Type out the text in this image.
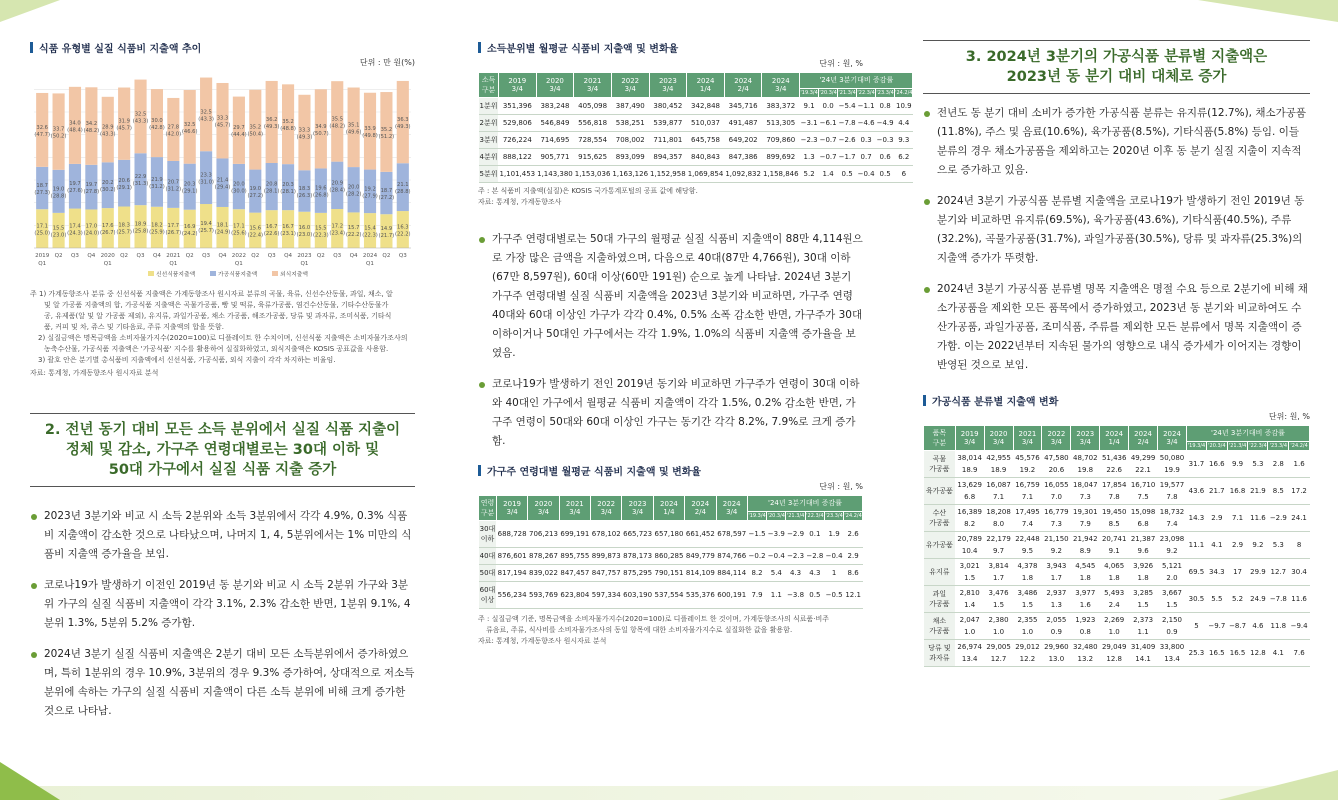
식품 유형별 실질 식품비 지출액 추이
단위 : 만 원(%)
17.1
(25.0)
18.7
(27.3)
32.6
(47.7)
2019
Q1
15.5
(23.0)
19.0
(28.8)
33.7
(50.2)
Q2
17.4
(24.3)
19.7
(27.6)
34.0
(48.4)
Q3
17.0
(24.0)
19.7
(27.8)
34.2
(48.2)
Q4
17.6
(26.7)
20.2
(30.2)
28.9
(43.3)
2020
Q1
18.3
(25.7)
20.6
(29.1)
31.9
(45.7)
Q2
18.9
(25.8)
22.9
(31.3)
32.5
(43.3)
Q3
18.2
(25.9)
21.9
(31.2)
30.0
(42.8)
Q4
17.7
(26.7)
20.7
(31.2)
27.8
(42.0)
2021
Q1
16.9
(24.2)
20.3
(29.1)
32.5
(46.6)
Q2
19.4
(25.7)
23.3
(31.0)
32.5
(43.3)
Q3
18.1
(24.9)
21.4
(29.4)
33.3
(45.7)
Q4
17.1
(25.6)
20.0
(30.0)
29.7
(44.4)
2022
Q1
15.6
(22.4)
19.0
(27.2)
35.2
(50.4)
Q2
16.7
(22.6)
20.8
(28.1)
36.2
(49.3)
Q3
16.7
(23.1)
20.3
(28.1)
35.2
(48.8)
Q4
16.0
(23.0)
18.3
(26.3)
33.3
(49.3)
2023
Q1
15.5
(22.3)
19.6
(26.8)
34.9
(50.7)
Q2
17.2
(23.4)
20.9
(28.4)
35.5
(48.2)
Q3
15.7
(22.2)
20.0
(28.2)
35.1
(49.6)
Q4
15.4
(22.3)
19.2
(27.9)
33.9
(49.8)
2024
Q1
14.9
(21.7)
18.7
(27.2)
35.2
(51.2)
Q2
16.3
(22.2)
21.1
(28.8)
36.3
(49.3)
Q3
신선식품지출액	가공식품지출액	외식지출액
주 1) 가계동향조사 분류 중 신선식품 지출액은 가계동향조사 원시자료 분류의 곡물, 육류, 신선수산동물, 과일, 채소, 알
및 알 가공품 지출액의 합, 가공식품 지출액은 곡물가공품, 빵 및 떡류, 육류가공품, 염건수산동물, 기타수산동물가
공, 유제품(알 및 알 가공품 제외), 유지류, 과일가공품, 채소 가공품, 해조가공품, 당류 및 과자류, 조미식품, 기타식
품, 커피 및 차, 쥬스 및 기타음료, 주류 지출액의 합을 뜻함.
2) 실질금액은 명목금액을 소비자물가지수(2020=100)로 디플레이트 한 수치이며, 신선식품 지출액은 소비자물가조사의
농축수산물, 가공식품 지출액은 '가공식품' 지수를 활용하여 실질화하였고, 외식지출액은 KOSIS 공표값을 사용함.
3) 괄호 안은 분기별 총식품비 지출액에서 신선식품, 가공식품, 외식 지출이 각각 차지하는 비율임.
자료: 통계청, 가계동향조사 원시자료 분석
2. 전년 동기 대비 모든 소득 분위에서 실질 식품 지출이
정체 및 감소, 가구주 연령대별로는 30대 이하 및
50대 가구에서 실질 식품 지출 증가
2023년 3분기와 비교 시 소득 2분위와 소득 3분위에서 각각 4.9%, 0.3% 식품비 지출액이 감소한 것으로 나타났으며, 나머지 1, 4, 5분위에서는 1% 미만의 식품비 지출액 증가율을 보임.
코로나19가 발생하기 이전인 2019년 동 분기와 비교 시 소득 2분위 가구와 3분위 가구의 실질 식품비 지출액이 각각 3.1%, 2.3% 감소한 반면, 1분위 9.1%, 4분위 1.3%, 5분위 5.2% 증가함.
2024년 3분기 실질 식품비 지출액은 2분기 대비 모든 소득분위에서 증가하였으며, 특히 1분위의 경우 10.9%, 3분위의 경우 9.3% 증가하여, 상대적으로 저소득분위에 속하는 가구의 실질 식품비 지출액이 다른 소득 분위에 비해 크게 증가한 것으로 나타남.
소득분위별 월평균 식품비 지출액 및 변화율
단위 : 원, %
소득
구분	2019
3/4	2020
3/4	2021
3/4	2022
3/4	2023
3/4	2024
1/4	2024
2/4	2024
3/4	'24년 3분기대비 증감률					
									'19.3/4	'20.3/4	'21.3/4	'22.3/4	'23.3/4	'24.2/4
1분위	351,396	383,248	405,098	387,490	380,452	342,848	345,716	383,372	9.1	0.0	−5.4	−1.1	0.8	10.9
2분위	529,806	546,849	556,818	538,251	539,877	510,037	491,487	513,305	−3.1	−6.1	−7.8	−4.6	−4.9	4.4
3분위	726,224	714,695	728,554	708,002	711,801	645,758	649,202	709,860	−2.3	−0.7	−2.6	0.3	−0.3	9.3
4분위	888,122	905,771	915,625	893,099	894,357	840,843	847,386	899,692	1.3	−0.7	−1.7	0.7	0.6	6.2
5분위	1,101,453	1,143,380	1,153,036	1,163,126	1,152,958	1,069,854	1,092,832	1,158,846	5.2	1.4	0.5	−0.4	0.5	6
주 : 본 식품비 지출액(실질)은 KOSIS 국가통계포털의 공표 값에 해당함.
자료: 통계청, 가계동향조사
가구주 연령대별로는 50대 가구의 월평균 실질 식품비 지출액이 88만 4,114원으로 가장 많은 금액을 지출하였으며, 다음으로 40대(87만 4,766원), 30대 이하(67만 8,597원), 60대 이상(60만 191원) 순으로 높게 나타남. 2024년 3분기 가구주 연령대별 실질 식품비 지출액을 2023년 3분기와 비교하면, 가구주 연령 40대와 60대 이상인 가구가 각각 0.4%, 0.5% 소폭 감소한 반면, 가구주가 30대 이하이거나 50대인 가구에서는 각각 1.9%, 1.0%의 식품비 지출액 증가율을 보였음.
코로나19가 발생하기 전인 2019년 동기와 비교하면 가구주가 연령이 30대 이하와 40대인 가구에서 월평균 식품비 지출액이 각각 1.5%, 0.2% 감소한 반면, 가구주 연령이 50대와 60대 이상인 가구는 동기간 각각 8.2%, 7.9%로 크게 증가함.
가구주 연령대별 월평균 식품비 지출액 및 변화율
단위 : 원, %
연령
구분	2019
3/4	2020
3/4	2021
3/4	2022
3/4	2023
3/4	2024
1/4	2024
2/4	2024
3/4	'24년 3분기대비 증감률					
									'19.3/4	'20.3/4	'21.3/4	'22.3/4	'23.3/4	'24.2/4
30대
이하	688,728	706,213	699,191	678,102	665,723	657,180	661,452	678,597	−1.5	−3.9	−2.9	0.1	1.9	2.6
40대	876,601	878,267	895,755	899,873	878,173	860,285	849,779	874,766	−0.2	−0.4	−2.3	−2.8	−0.4	2.9
50대	817,194	839,022	847,457	847,757	875,295	790,151	814,109	884,114	8.2	5.4	4.3	4.3	1	8.6
60대
이상	556,234	593,769	623,804	597,334	603,190	537,554	535,376	600,191	7.9	1.1	−3.8	0.5	−0.5	12.1
주 : 실질금액 기준, 명목금액을 소비자물가지수(2020=100)로 디플레이트 한 것이며, 가계동향조사의 식료품·비주
류음료, 주류, 식사비를 소비자물가조사의 동일 항목에 대한 소비자물가지수로 실질화한 값을 활용함.
자료: 통계청, 가계동향조사 원시자료 분석
3. 2024년 3분기의 가공식품 분류별 지출액은
2023년 동 분기 대비 대체로 증가
전년도 동 분기 대비 소비가 증가한 가공식품 분류는 유지류(12.7%), 채소가공품(11.8%), 주스 및 음료(10.6%), 육가공품(8.5%), 기타식품(5.8%) 등임. 이들 분류의 경우 채소가공품을 제외하고는 2020년 이후 동 분기 실질 지출이 지속적으로 증가하고 있음.
2024년 3분기 가공식품 분류별 지출액을 코로나19가 발생하기 전인 2019년 동 분기와 비교하면 유지류(69.5%), 육가공품(43.6%), 기타식품(40.5%), 주류(32.2%), 곡물가공품(31.7%), 과일가공품(30.5%), 당류 및 과자류(25.3%)의 지출액 증가가 뚜렷함.
2024년 3분기 가공식품 분류별 명목 지출액은 명절 수요 등으로 2분기에 비해 채소가공품을 제외한 모든 품목에서 증가하였고, 2023년 동 분기와 비교하여도 수산가공품, 과일가공품, 조미식품, 주류를 제외한 모든 분류에서 명목 지출액이 증가함. 이는 2022년부터 지속된 물가의 영향으로 내식 증가세가 이어지는 경향이 반영된 것으로 보임.
가공식품 분류별 지출액 변화
단위: 원, %
품목
구분	2019
3/4	2020
3/4	2021
3/4	2022
3/4	2023
3/4	2024
1/4	2024
2/4	2024
3/4	'24년 3분기대비 증감률					
									'19.3/4	'20.3/4	'21.3/4	'22.3/4	'23.3/4	'24.2/4
곡물
가공품	38,014	42,955	45,576	47,580	48,702	51,436	49,299	50,080	31.7	16.6	9.9	5.3	2.8	1.6
	18.9	18.9	19.2	20.6	19.8	22.6	22.1	19.9						
육가공품	13,629	16,087	16,759	16,055	18,047	17,854	16,710	19,577	43.6	21.7	16.8	21.9	8.5	17.2
	6.8	7.1	7.1	7.0	7.3	7.8	7.5	7.8						
수산
가공품	16,389	18,208	17,495	16,779	19,301	19,450	15,098	18,732	14.3	2.9	7.1	11.6	−2.9	24.1
	8.2	8.0	7.4	7.3	7.9	8.5	6.8	7.4						
유가공품	20,789	22,179	22,448	21,150	21,942	20,741	21,387	23,098	11.1	4.1	2.9	9.2	5.3	8
	10.4	9.7	9.5	9.2	8.9	9.1	9.6	9.2						
유지류	3,021	3,814	4,378	3,943	4,545	4,065	3,926	5,121	69.5	34.3	17	29.9	12.7	30.4
	1.5	1.7	1.8	1.7	1.8	1.8	1.8	2.0						
과일
가공품	2,810	3,476	3,486	2,937	3,977	5,493	3,285	3,667	30.5	5.5	5.2	24.9	−7.8	11.6
	1.4	1.5	1.5	1.3	1.6	2.4	1.5	1.5						
채소
가공품	2,047	2,380	2,355	2,055	1,923	2,269	2,373	2,150	5	−9.7	−8.7	4.6	11.8	−9.4
	1.0	1.0	1.0	0.9	0.8	1.0	1.1	0.9						
당류 및
과자류	26,974	29,005	29,012	29,960	32,480	29,049	31,409	33,800	25.3	16.5	16.5	12.8	4.1	7.6
	13.4	12.7	12.2	13.0	13.2	12.8	14.1	13.4						
